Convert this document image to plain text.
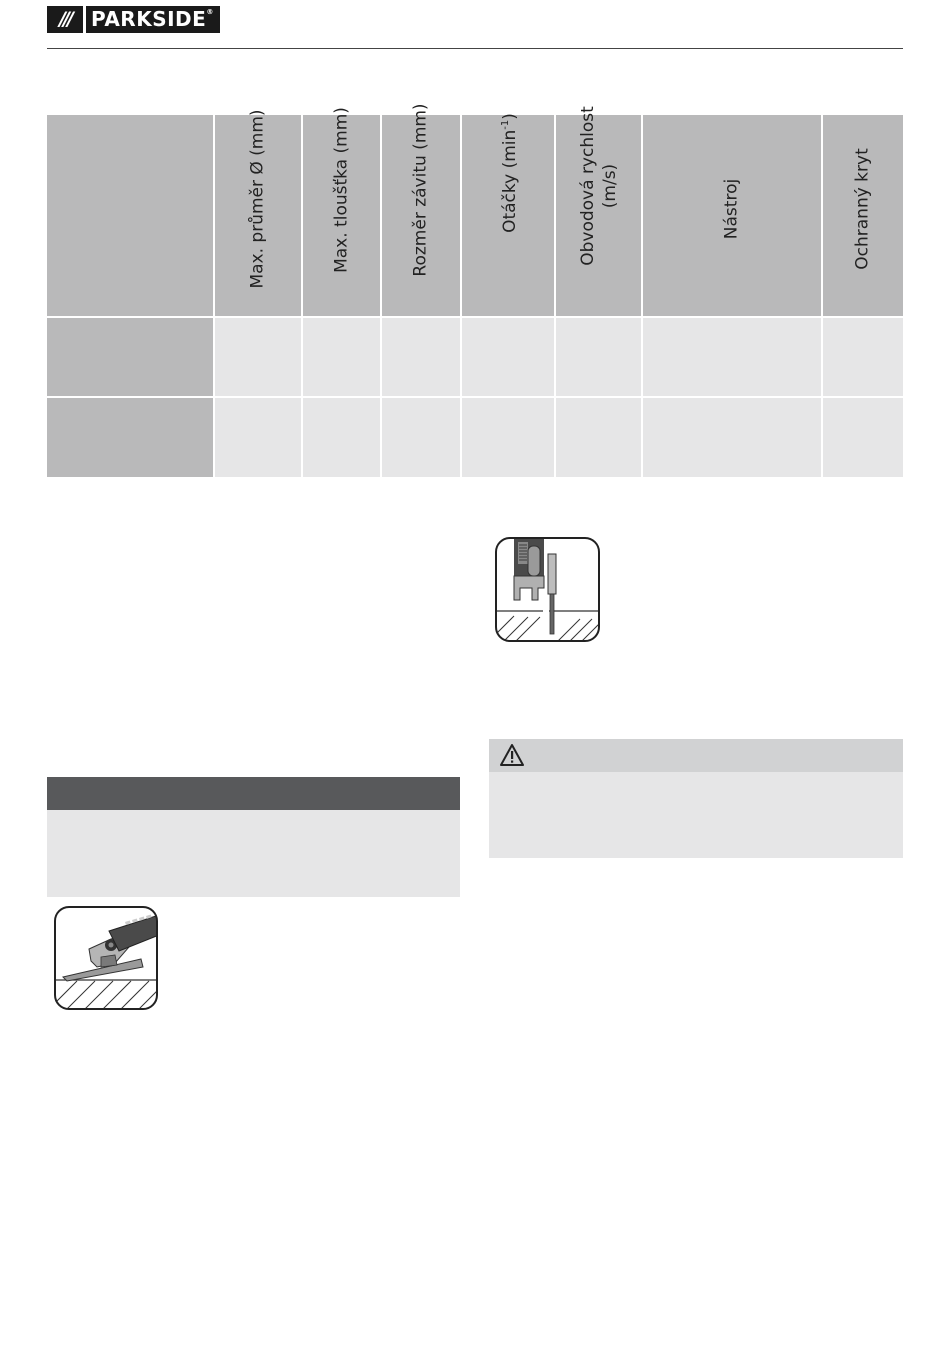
///	PARKSIDE®
Max. průměr Ø (mm)	Max. tloušťka (mm)	Rozměr závitu (mm)	Otáčky $(\min^{-1})$	Obvodová rychlost (m/s)	Nástroj	Ochranný kryt
